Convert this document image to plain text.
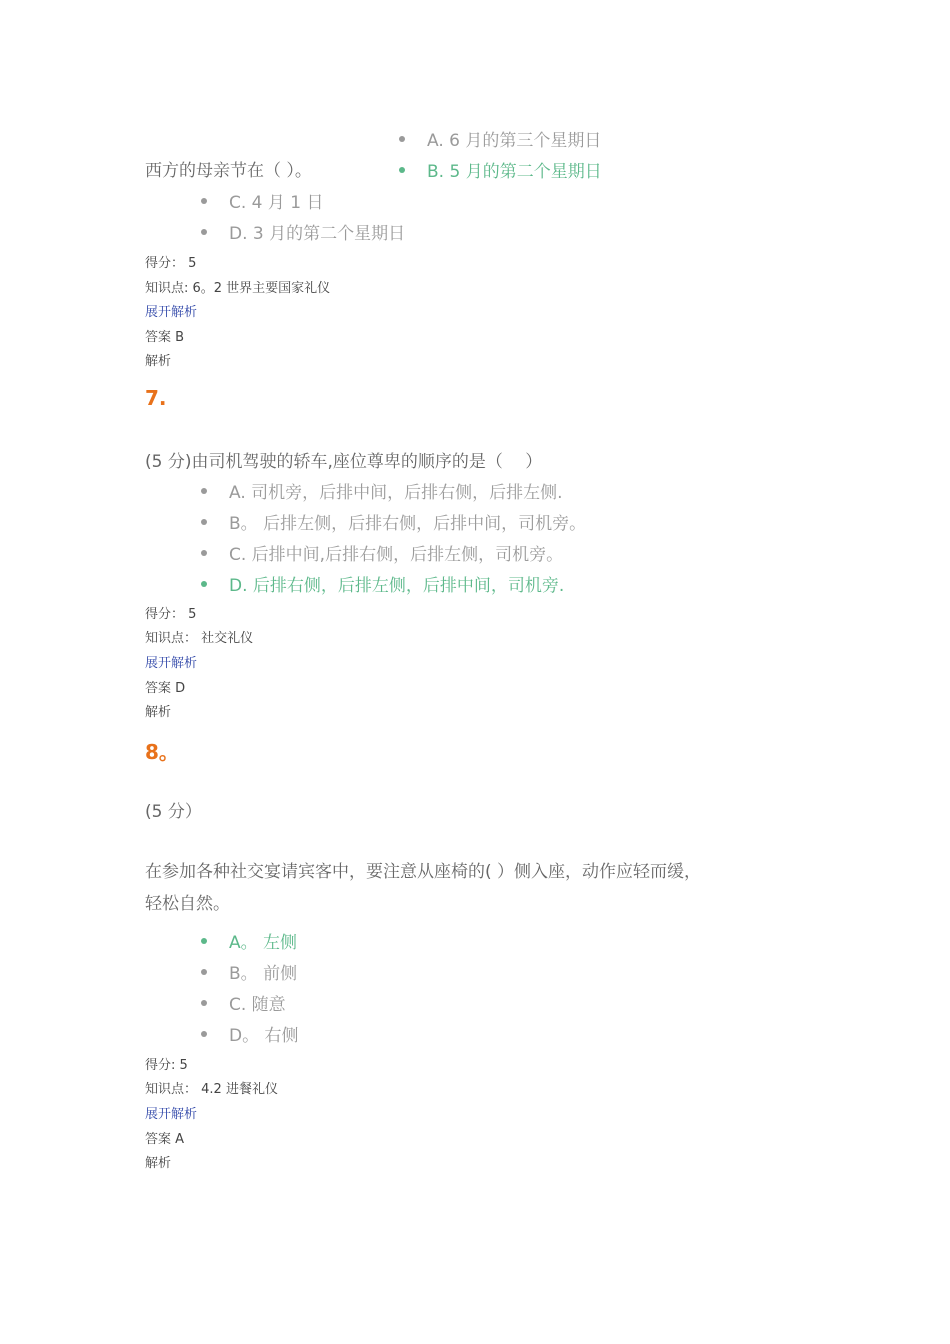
A. 6 月的第三个星期日
B. 5 月的第二个星期日
西方的母亲节在（ ）。
C. 4 月 1 日
D. 3 月的第二个星期日
得分： 5
知识点: 6。2 世界主要国家礼仪
展开解析
答案 B
解析
7.
(5 分)由司机驾驶的轿车,座位尊卑的顺序的是（　 ）
A. 司机旁，后排中间，后排右侧，后排左侧.
B。 后排左侧，后排右侧，后排中间，司机旁。
C. 后排中间,后排右侧，后排左侧，司机旁。
D. 后排右侧，后排左侧，后排中间，司机旁.
得分： 5
知识点： 社交礼仪
展开解析
答案 D
解析
8。
(5 分）
在参加各种社交宴请宾客中，要注意从座椅的( ）侧入座，动作应轻而缓，
轻松自然。
A。 左侧
B。 前侧
C. 随意
D。 右侧
得分: 5
知识点： 4.2 进餐礼仪
展开解析
答案 A
解析
